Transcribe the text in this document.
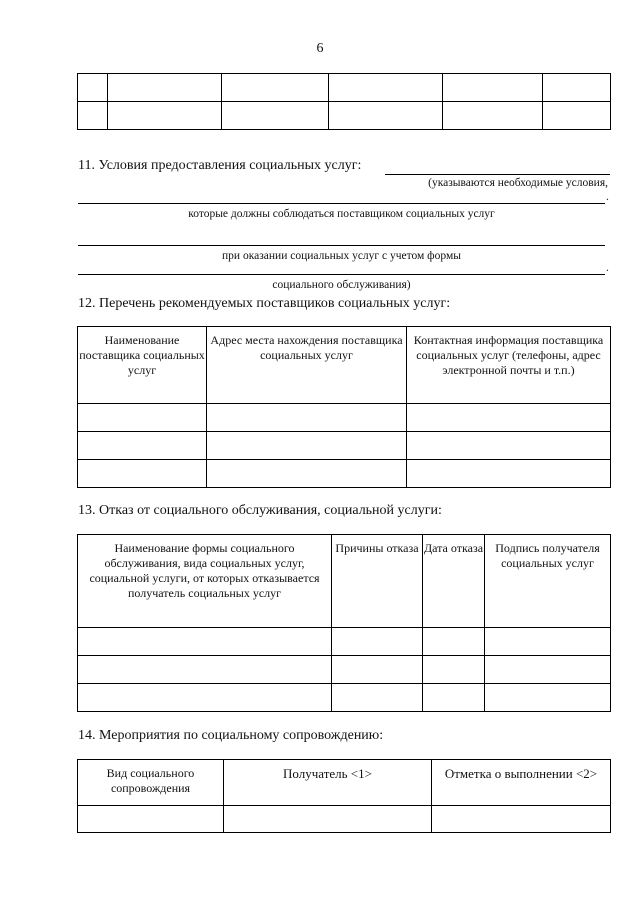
6

11. Условия предоставления социальных услуг:
(указываются необходимые условия,
.
которые должны соблюдаться поставщиком социальных услуг
при оказании социальных услуг с учетом формы
.
социального обслуживания)
12. Перечень рекомендуемых поставщиков социальных услуг:
Наименование поставщика социальных услуг	Адрес места нахождения поставщика социальных услуг	Контактная информация поставщика социальных услуг (телефоны, адрес электронной почты и т.п.)

13. Отказ от социального обслуживания, социальной услуги:
Наименование формы социального обслуживания, вида социальных услуг, социальной услуги, от которых отказывается получатель социальных услуг	Причины отказа	Дата отказа	Подпись получателя социальных услуг

14. Мероприятия по социальному сопровождению:
Вид социального сопровождения	Получатель <1>	Отметка о выполнении <2>
